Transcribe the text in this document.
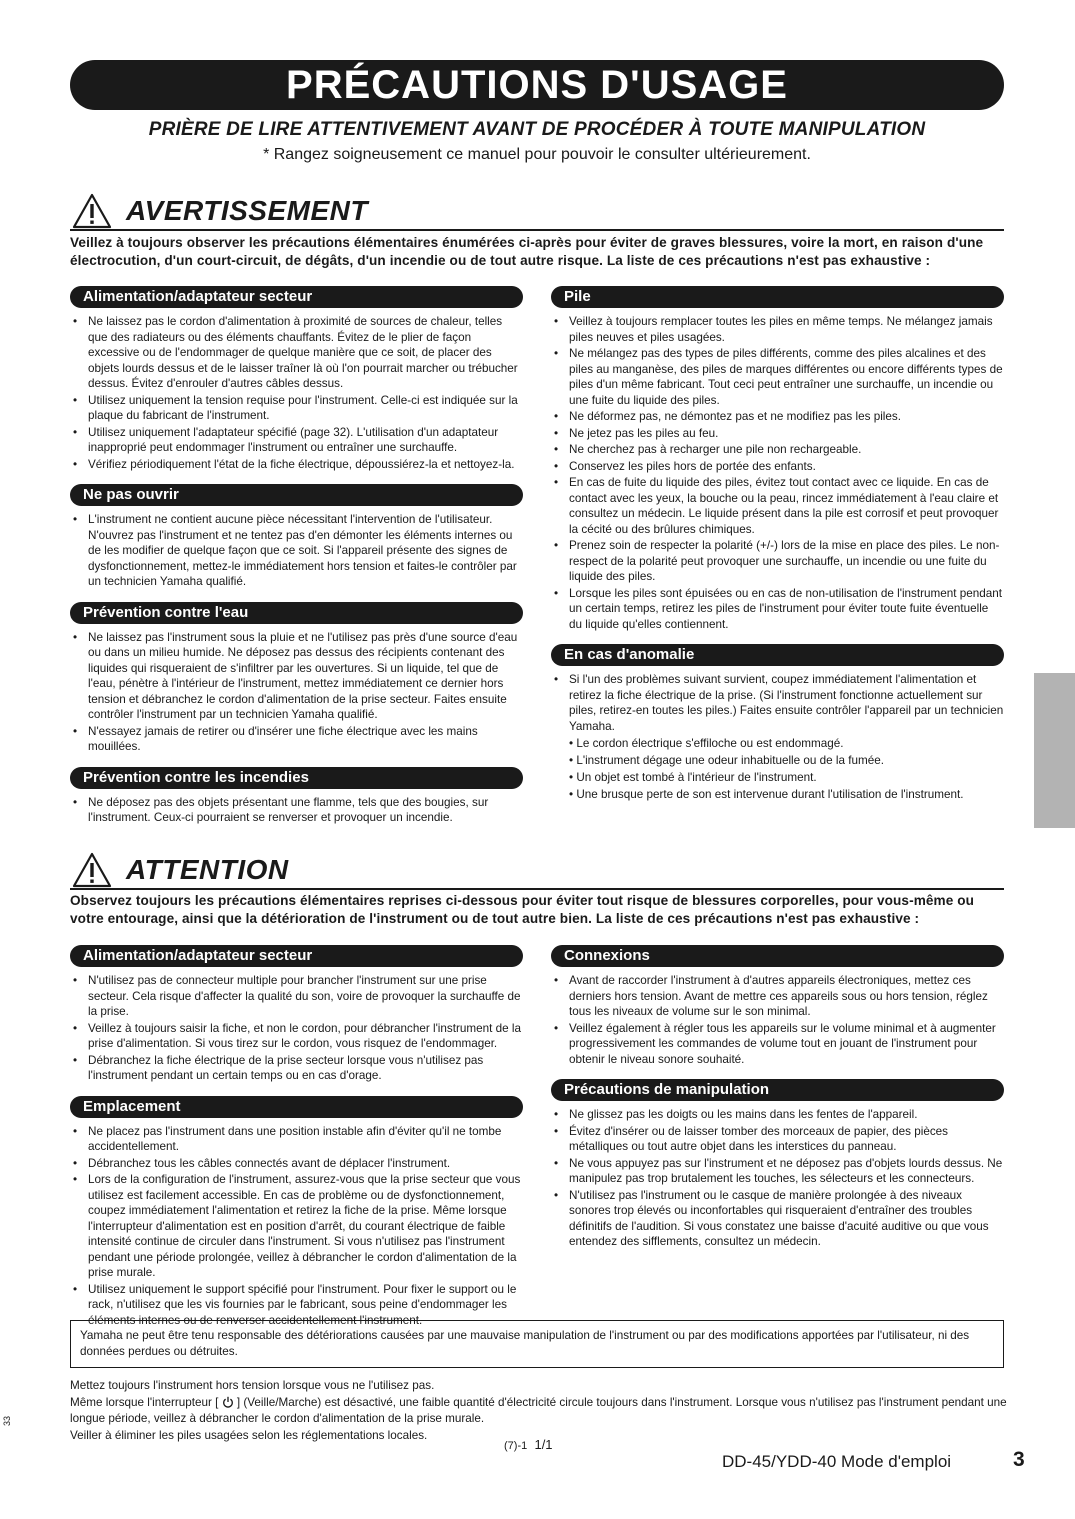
PRÉCAUTIONS D'USAGE
PRIÈRE DE LIRE ATTENTIVEMENT AVANT DE PROCÉDER À TOUTE MANIPULATION
* Rangez soigneusement ce manuel pour pouvoir le consulter ultérieurement.
AVERTISSEMENT
Veillez à toujours observer les précautions élémentaires énumérées ci-après pour éviter de graves blessures, voire la mort, en raison d'une électrocution, d'un court-circuit, de dégâts, d'un incendie ou de tout autre risque. La liste de ces précautions n'est pas exhaustive :
Alimentation/adaptateur secteur
• Ne laissez pas le cordon d'alimentation à proximité de sources de chaleur, telles que des radiateurs ou des éléments chauffants. Évitez de le plier de façon excessive ou de l'endommager de quelque manière que ce soit, de placer des objets lourds dessus et de le laisser traîner là où l'on pourrait marcher ou trébucher dessus. Évitez d'enrouler d'autres câbles dessus.
• Utilisez uniquement la tension requise pour l'instrument. Celle-ci est indiquée sur la plaque du fabricant de l'instrument.
• Utilisez uniquement l'adaptateur spécifié (page 32). L'utilisation d'un adaptateur inapproprié peut endommager l'instrument ou entraîner une surchauffe.
• Vérifiez périodiquement l'état de la fiche électrique, dépoussiérez-la et nettoyez-la.
Ne pas ouvrir
• L'instrument ne contient aucune pièce nécessitant l'intervention de l'utilisateur. N'ouvrez pas l'instrument et ne tentez pas d'en démonter les éléments internes ou de les modifier de quelque façon que ce soit. Si l'appareil présente des signes de dysfonctionnement, mettez-le immédiatement hors tension et faites-le contrôler par un technicien Yamaha qualifié.
Prévention contre l'eau
• Ne laissez pas l'instrument sous la pluie et ne l'utilisez pas près d'une source d'eau ou dans un milieu humide. Ne déposez pas dessus des récipients contenant des liquides qui risqueraient de s'infiltrer par les ouvertures. Si un liquide, tel que de l'eau, pénètre à l'intérieur de l'instrument, mettez immédiatement ce dernier hors tension et débranchez le cordon d'alimentation de la prise secteur. Faites ensuite contrôler l'instrument par un technicien Yamaha qualifié.
• N'essayez jamais de retirer ou d'insérer une fiche électrique avec les mains mouillées.
Prévention contre les incendies
• Ne déposez pas des objets présentant une flamme, tels que des bougies, sur l'instrument. Ceux-ci pourraient se renverser et provoquer un incendie.
Pile
• Veillez à toujours remplacer toutes les piles en même temps. Ne mélangez jamais piles neuves et piles usagées.
• Ne mélangez pas des types de piles différents, comme des piles alcalines et des piles au manganèse, des piles de marques différentes ou encore différents types de piles d'un même fabricant. Tout ceci peut entraîner une surchauffe, un incendie ou une fuite du liquide des piles.
• Ne déformez pas, ne démontez pas et ne modifiez pas les piles.
• Ne jetez pas les piles au feu.
• Ne cherchez pas à recharger une pile non rechargeable.
• Conservez les piles hors de portée des enfants.
• En cas de fuite du liquide des piles, évitez tout contact avec ce liquide. En cas de contact avec les yeux, la bouche ou la peau, rincez immédiatement à l'eau claire et consultez un médecin. Le liquide présent dans la pile est corrosif et peut provoquer la cécité ou des brûlures chimiques.
• Prenez soin de respecter la polarité (+/-) lors de la mise en place des piles. Le non-respect de la polarité peut provoquer une surchauffe, un incendie ou une fuite du liquide des piles.
• Lorsque les piles sont épuisées ou en cas de non-utilisation de l'instrument pendant un certain temps, retirez les piles de l'instrument pour éviter toute fuite éventuelle du liquide qu'elles contiennent.
En cas d'anomalie
• Si l'un des problèmes suivant survient, coupez immédiatement l'alimentation et retirez la fiche électrique de la prise. (Si l'instrument fonctionne actuellement sur piles, retirez-en toutes les piles.) Faites ensuite contrôler l'appareil par un technicien Yamaha.
• Le cordon électrique s'effiloche ou est endommagé.
• L'instrument dégage une odeur inhabituelle ou de la fumée.
• Un objet est tombé à l'intérieur de l'instrument.
• Une brusque perte de son est intervenue durant l'utilisation de l'instrument.
ATTENTION
Observez toujours les précautions élémentaires reprises ci-dessous pour éviter tout risque de blessures corporelles, pour vous-même ou votre entourage, ainsi que la détérioration de l'instrument ou de tout autre bien. La liste de ces précautions n'est pas exhaustive :
Alimentation/adaptateur secteur
• N'utilisez pas de connecteur multiple pour brancher l'instrument sur une prise secteur. Cela risque d'affecter la qualité du son, voire de provoquer la surchauffe de la prise.
• Veillez à toujours saisir la fiche, et non le cordon, pour débrancher l'instrument de la prise d'alimentation. Si vous tirez sur le cordon, vous risquez de l'endommager.
• Débranchez la fiche électrique de la prise secteur lorsque vous n'utilisez pas l'instrument pendant un certain temps ou en cas d'orage.
Emplacement
• Ne placez pas l'instrument dans une position instable afin d'éviter qu'il ne tombe accidentellement.
• Débranchez tous les câbles connectés avant de déplacer l'instrument.
• Lors de la configuration de l'instrument, assurez-vous que la prise secteur que vous utilisez est facilement accessible. En cas de problème ou de dysfonctionnement, coupez immédiatement l'alimentation et retirez la fiche de la prise. Même lorsque l'interrupteur d'alimentation est en position d'arrêt, du courant électrique de faible intensité continue de circuler dans l'instrument. Si vous n'utilisez pas l'instrument pendant une période prolongée, veillez à débrancher le cordon d'alimentation de la prise murale.
• Utilisez uniquement le support spécifié pour l'instrument. Pour fixer le support ou le rack, n'utilisez que les vis fournies par le fabricant, sous peine d'endommager les éléments internes ou de renverser accidentellement l'instrument.
Connexions
• Avant de raccorder l'instrument à d'autres appareils électroniques, mettez ces derniers hors tension. Avant de mettre ces appareils sous ou hors tension, réglez tous les niveaux de volume sur le son minimal.
• Veillez également à régler tous les appareils sur le volume minimal et à augmenter progressivement les commandes de volume tout en jouant de l'instrument pour obtenir le niveau sonore souhaité.
Précautions de manipulation
• Ne glissez pas les doigts ou les mains dans les fentes de l'appareil.
• Évitez d'insérer ou de laisser tomber des morceaux de papier, des pièces métalliques ou tout autre objet dans les interstices du panneau.
• Ne vous appuyez pas sur l'instrument et ne déposez pas d'objets lourds dessus. Ne manipulez pas trop brutalement les touches, les sélecteurs et les connecteurs.
• N'utilisez pas l'instrument ou le casque de manière prolongée à des niveaux sonores trop élevés ou inconfortables qui risqueraient d'entraîner des troubles définitifs de l'audition. Si vous constatez une baisse d'acuité auditive ou que vous entendez des sifflements, consultez un médecin.
Yamaha ne peut être tenu responsable des détériorations causées par une mauvaise manipulation de l'instrument ou par des modifications apportées par l'utilisateur, ni des données perdues ou détruites.
Mettez toujours l'instrument hors tension lorsque vous ne l'utilisez pas.
Même lorsque l'interrupteur [ ] (Veille/Marche) est désactivé, une faible quantité d'électricité circule toujours dans l'instrument. Lorsque vous n'utilisez pas l'instrument pendant une longue période, veillez à débrancher le cordon d'alimentation de la prise murale.
Veiller à éliminer les piles usagées selon les réglementations locales.
33
(7)-1 1/1
DD-45/YDD-40 Mode d'emploi	3
